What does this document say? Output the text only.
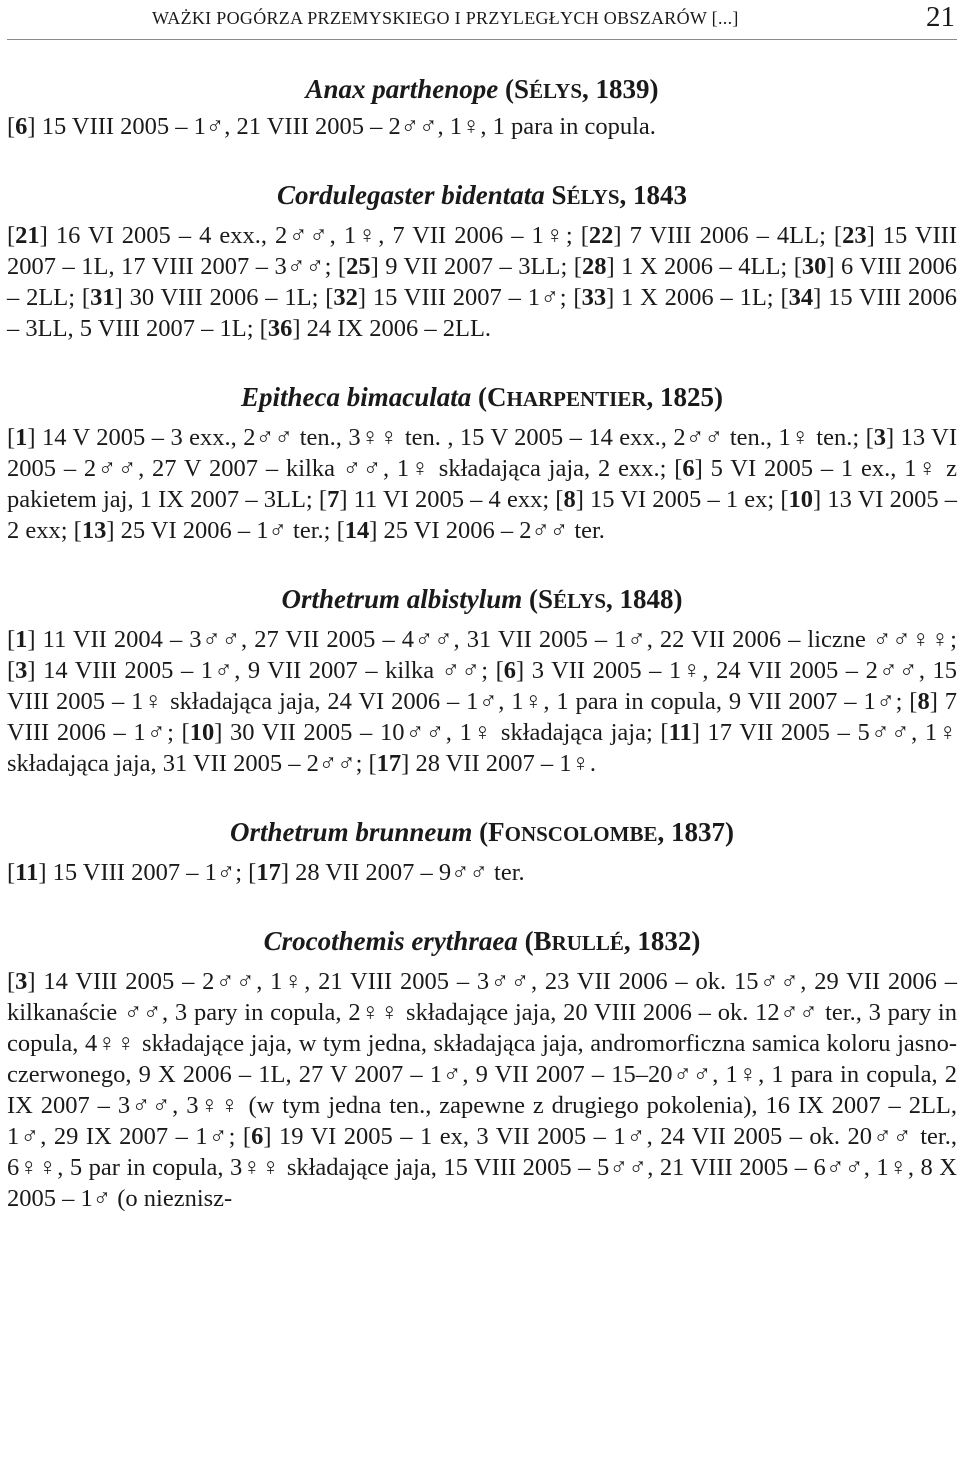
WAŻKI POGÓRZA PRZEMYSKIEGO I PRZYLEGŁYCH OBSZARÓW [...]	21
Anax parthenope (SÉLYS, 1839)

[6] 15 VIII 2005 – 1♂, 21 VIII 2005 – 2♂♂, 1♀, 1 para in copula.

Cordulegaster bidentata SÉLYS, 1843

[21] 16 VI 2005 – 4 exx., 2♂♂, 1♀, 7 VII 2006 – 1♀; [22] 7 VIII 2006 – 4LL; [23] 15 VIII 2007 – 1L, 17 VIII 2007 – 3♂♂; [25] 9 VII 2007 – 3LL; [28] 1 X 2006 – 4LL; [30] 6 VIII 2006 – 2LL; [31] 30 VIII 2006 – 1L; [32] 15 VIII 2007 – 1♂; [33] 1 X 2006 – 1L; [34] 15 VIII 2006 – 3LL, 5 VIII 2007 – 1L; [36] 24 IX 2006 – 2LL.

Epitheca bimaculata (CHARPENTIER, 1825)

[1] 14 V 2005 – 3 exx., 2♂♂ ten., 3♀♀ ten. , 15 V 2005 – 14 exx., 2♂♂ ten., 1♀ ten.; [3] 13 VI 2005 – 2♂♂, 27 V 2007 – kilka ♂♂, 1♀ składająca jaja, 2 exx.; [6] 5 VI 2005 – 1 ex., 1♀ z pakietem jaj, 1 IX 2007 – 3LL; [7] 11 VI 2005 – 4 exx; [8] 15 VI 2005 – 1 ex; [10] 13 VI 2005 – 2 exx; [13] 25 VI 2006 – 1♂ ter.; [14] 25 VI 2006 – 2♂♂ ter.

Orthetrum albistylum (SÉLYS, 1848)

[1] 11 VII 2004 – 3♂♂, 27 VII 2005 – 4♂♂, 31 VII 2005 – 1♂, 22 VII 2006 – liczne ♂♂♀♀; [3] 14 VIII 2005 – 1♂, 9 VII 2007 – kilka ♂♂; [6] 3 VII 2005 – 1♀, 24 VII 2005 – 2♂♂, 15 VIII 2005 – 1♀ składająca jaja, 24 VI 2006 – 1♂, 1♀, 1 para in copula, 9 VII 2007 – 1♂; [8] 7 VIII 2006 – 1♂; [10] 30 VII 2005 – 10♂♂, 1♀ składająca jaja; [11] 17 VII 2005 – 5♂♂, 1♀ składająca jaja, 31 VII 2005 – 2♂♂; [17] 28 VII 2007 – 1♀.

Orthetrum brunneum (FONSCOLOMBE, 1837)

[11] 15 VIII 2007 – 1♂; [17] 28 VII 2007 – 9♂♂ ter.

Crocothemis erythraea (BRULLÉ, 1832)

[3] 14 VIII 2005 – 2♂♂, 1♀, 21 VIII 2005 – 3♂♂, 23 VII 2006 – ok. 15♂♂, 29 VII 2006 – kilkanaście ♂♂, 3 pary in copula, 2♀♀ składające jaja, 20 VIII 2006 – ok. 12♂♂ ter., 3 pary in copula, 4♀♀ składające jaja, w tym jedna, składająca jaja, andromorficzna samica koloru jasno-czerwonego, 9 X 2006 – 1L, 27 V 2007 – 1♂, 9 VII 2007 – 15–20♂♂, 1♀, 1 para in copula, 2 IX 2007 – 3♂♂, 3♀♀ (w tym jedna ten., zapewne z drugiego pokolenia), 16 IX 2007 – 2LL, 1♂, 29 IX 2007 – 1♂; [6] 19 VI 2005 – 1 ex, 3 VII 2005 – 1♂, 24 VII 2005 – ok. 20♂♂ ter., 6♀♀, 5 par in copula, 3♀♀ składające jaja, 15 VIII 2005 – 5♂♂, 21 VIII 2005 – 6♂♂, 1♀, 8 X 2005 – 1♂ (o nieznisz-
